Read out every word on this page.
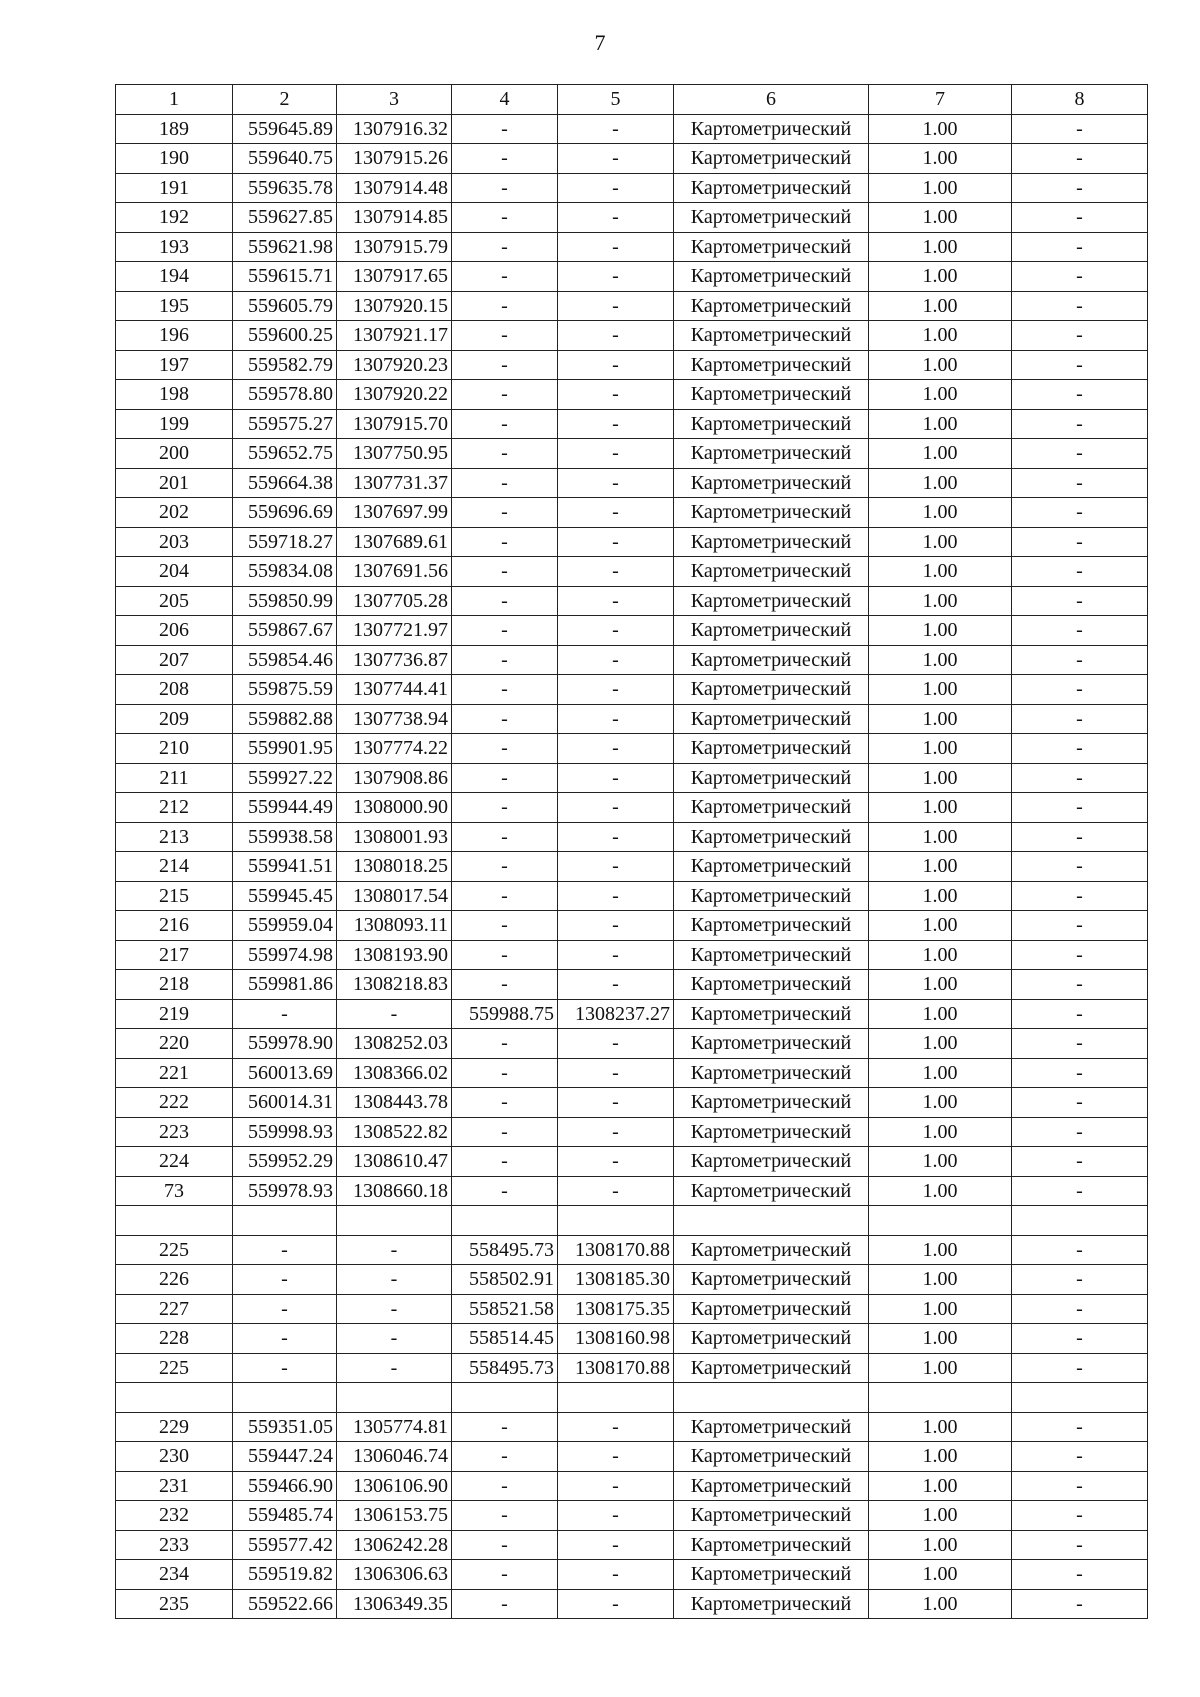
7
1	2	3	4	5	6	7	8
189	559645.89	1307916.32	-	-	Картометрический	1.00	-
190	559640.75	1307915.26	-	-	Картометрический	1.00	-
191	559635.78	1307914.48	-	-	Картометрический	1.00	-
192	559627.85	1307914.85	-	-	Картометрический	1.00	-
193	559621.98	1307915.79	-	-	Картометрический	1.00	-
194	559615.71	1307917.65	-	-	Картометрический	1.00	-
195	559605.79	1307920.15	-	-	Картометрический	1.00	-
196	559600.25	1307921.17	-	-	Картометрический	1.00	-
197	559582.79	1307920.23	-	-	Картометрический	1.00	-
198	559578.80	1307920.22	-	-	Картометрический	1.00	-
199	559575.27	1307915.70	-	-	Картометрический	1.00	-
200	559652.75	1307750.95	-	-	Картометрический	1.00	-
201	559664.38	1307731.37	-	-	Картометрический	1.00	-
202	559696.69	1307697.99	-	-	Картометрический	1.00	-
203	559718.27	1307689.61	-	-	Картометрический	1.00	-
204	559834.08	1307691.56	-	-	Картометрический	1.00	-
205	559850.99	1307705.28	-	-	Картометрический	1.00	-
206	559867.67	1307721.97	-	-	Картометрический	1.00	-
207	559854.46	1307736.87	-	-	Картометрический	1.00	-
208	559875.59	1307744.41	-	-	Картометрический	1.00	-
209	559882.88	1307738.94	-	-	Картометрический	1.00	-
210	559901.95	1307774.22	-	-	Картометрический	1.00	-
211	559927.22	1307908.86	-	-	Картометрический	1.00	-
212	559944.49	1308000.90	-	-	Картометрический	1.00	-
213	559938.58	1308001.93	-	-	Картометрический	1.00	-
214	559941.51	1308018.25	-	-	Картометрический	1.00	-
215	559945.45	1308017.54	-	-	Картометрический	1.00	-
216	559959.04	1308093.11	-	-	Картометрический	1.00	-
217	559974.98	1308193.90	-	-	Картометрический	1.00	-
218	559981.86	1308218.83	-	-	Картометрический	1.00	-
219	-	-	559988.75	1308237.27	Картометрический	1.00	-
220	559978.90	1308252.03	-	-	Картометрический	1.00	-
221	560013.69	1308366.02	-	-	Картометрический	1.00	-
222	560014.31	1308443.78	-	-	Картометрический	1.00	-
223	559998.93	1308522.82	-	-	Картометрический	1.00	-
224	559952.29	1308610.47	-	-	Картометрический	1.00	-
73	559978.93	1308660.18	-	-	Картометрический	1.00	-

225	-	-	558495.73	1308170.88	Картометрический	1.00	-
226	-	-	558502.91	1308185.30	Картометрический	1.00	-
227	-	-	558521.58	1308175.35	Картометрический	1.00	-
228	-	-	558514.45	1308160.98	Картометрический	1.00	-
225	-	-	558495.73	1308170.88	Картометрический	1.00	-

229	559351.05	1305774.81	-	-	Картометрический	1.00	-
230	559447.24	1306046.74	-	-	Картометрический	1.00	-
231	559466.90	1306106.90	-	-	Картометрический	1.00	-
232	559485.74	1306153.75	-	-	Картометрический	1.00	-
233	559577.42	1306242.28	-	-	Картометрический	1.00	-
234	559519.82	1306306.63	-	-	Картометрический	1.00	-
235	559522.66	1306349.35	-	-	Картометрический	1.00	-
